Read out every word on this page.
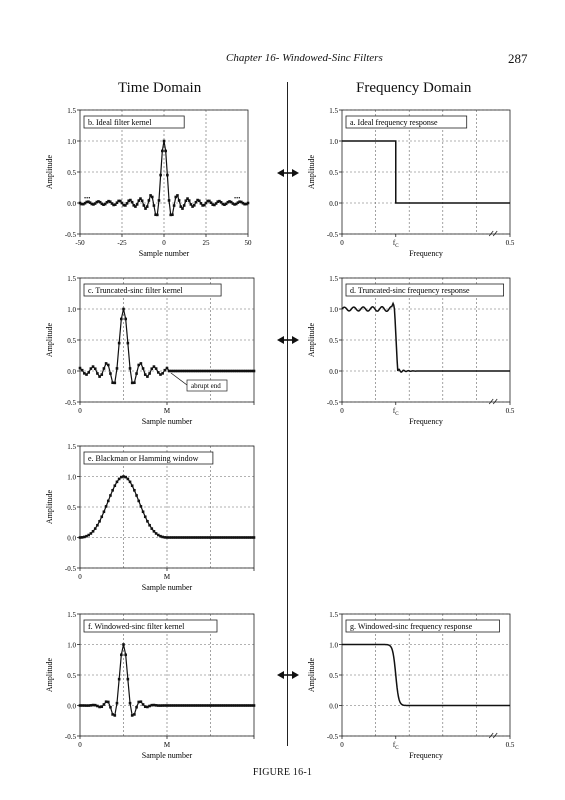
Chapter 16- Windowed-Sinc Filters	287
Time Domain	Frequency Domain
-0.5
0.0
0.5
1.0
1.5
-50	-25	0	25	50
Sample number
Amplitude
b. Ideal filter kernel
•••	•••
-0.5
0.0
0.5
1.0
1.5
0	$f_C$	0.5
Frequency
Amplitude
a. Ideal frequency response
-0.5
0.0
0.5
1.0
1.5
0	M
Sample number
Amplitude
c. Truncated-sinc filter kernel
abrupt end
-0.5
0.0
0.5
1.0
1.5
0	$f_C$	0.5
Frequency
Amplitude
d. Truncated-sinc frequency response
-0.5
0.0
0.5
1.0
1.5
0	M
Sample number
Amplitude
e. Blackman or Hamming window
-0.5
0.0
0.5
1.0
1.5
0	M
Sample number
Amplitude
f. Windowed-sinc filter kernel
-0.5
0.0
0.5
1.0
1.5
0	$f_C$	0.5
Frequency
Amplitude
g. Windowed-sinc frequency response
FIGURE 16-1
